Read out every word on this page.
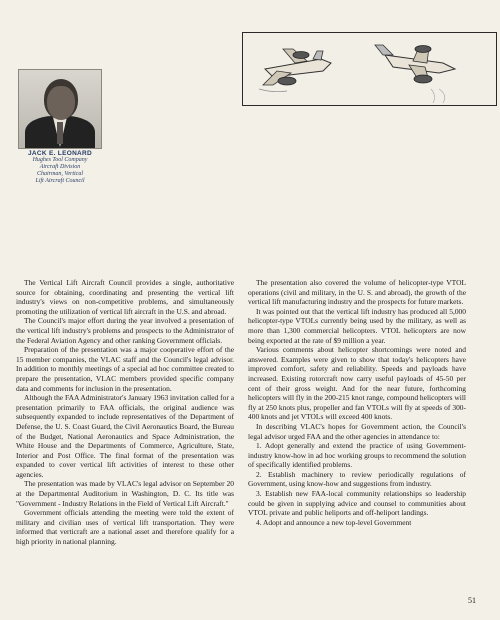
JACK E. LEONARD
Hughes Tool Company
Aircraft Division
Chairman, Vertical
Lift Aircraft Council

The Vertical Lift Aircraft Council provides a single, authoritative source for obtaining, coordinating and presenting the vertical lift industry's views on non-competitive problems, and simultaneously promoting the utilization of vertical lift aircraft in the U.S. and abroad.

The Council's major effort during the year involved a presentation of the vertical lift industry's problems and prospects to the Administrator of the Federal Aviation Agency and other ranking Government officials.

Preparation of the presentation was a major cooperative effort of the 15 member companies, the VLAC staff and the Council's legal advisor. In addition to monthly meetings of a special ad hoc committee created to prepare the presentation, VLAC members provided specific company data and comments for inclusion in the presentation.

Although the FAA Administrator's January 1963 invitation called for a presentation primarily to FAA officials, the original audience was subsequently expanded to include representatives of the Department of Defense, the U. S. Coast Guard, the Civil Aeronautics Board, the Bureau of the Budget, National Aeronautics and Space Administration, the White House and the Departments of Commerce, Agriculture, State, Interior and Post Office. The final format of the presentation was expanded to cover vertical lift activities of interest to these other agencies.

The presentation was made by VLAC's legal advisor on September 20 at the Departmental Auditorium in Washington, D. C. Its title was "Government - Industry Relations in the Field of Vertical Lift Aircraft."

Government officials attending the meeting were told the extent of military and civilian uses of vertical lift transportation. They were informed that verticraft are a national asset and therefore qualify for a high priority in national planning.

The presentation also covered the volume of helicopter-type VTOL operations (civil and military, in the U. S. and abroad), the growth of the vertical lift manufacturing industry and the prospects for future markets.

It was pointed out that the vertical lift industry has produced all 5,000 helicopter-type VTOLs currently being used by the military, as well as more than 1,300 commercial helicopters. VTOL helicopters are now being exported at the rate of $9 million a year.

Various comments about helicopter shortcomings were noted and answered. Examples were given to show that today's helicopters have improved comfort, safety and reliability. Speeds and payloads have increased. Existing rotorcraft now carry useful payloads of 45-50 per cent of their gross weight. And for the near future, forthcoming helicopters will fly in the 200-215 knot range, compound helicopters will fly at 250 knots plus, propeller and fan VTOLs will fly at speeds of 300-400 knots and jet VTOLs will exceed 400 knots.

In describing VLAC's hopes for Government action, the Council's legal advisor urged FAA and the other agencies in attendance to:

1. Adopt generally and extend the practice of using Government-industry know-how in ad hoc working groups to recommend the solution of specifically identified problems.

2. Establish machinery to review periodically regulations of Government, using know-how and suggestions from industry.

3. Establish new FAA-local community relationships so leadership could be given in supplying advice and counsel to communities about VTOL private and public heliports and off-heliport landings.

4. Adopt and announce a new top-level Government

51
